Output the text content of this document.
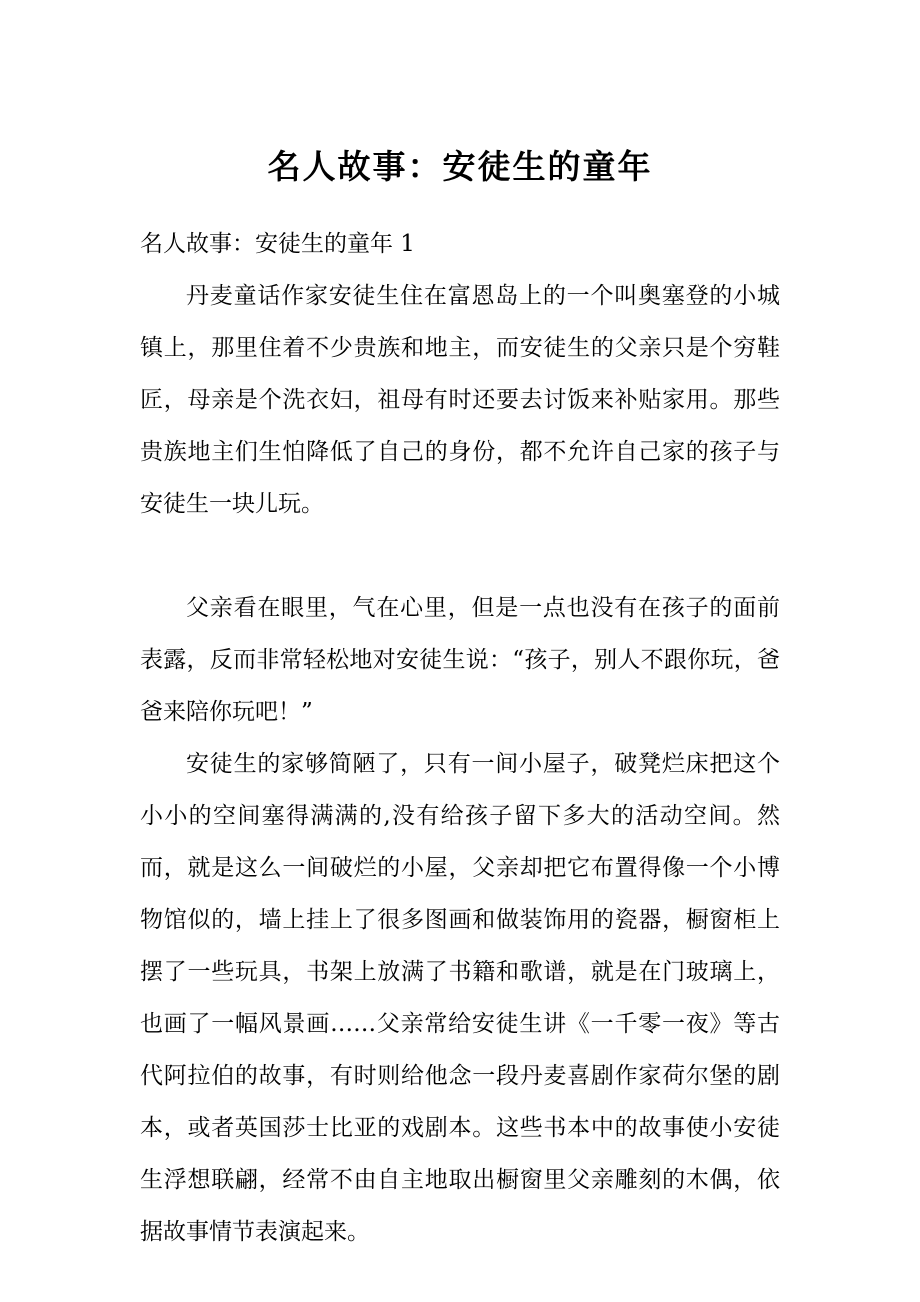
名人故事：安徒生的童年

名人故事：安徒生的童年 1

丹麦童话作家安徒生住在富恩岛上的一个叫奥塞登的小城镇上，那里住着不少贵族和地主，而安徒生的父亲只是个穷鞋匠，母亲是个洗衣妇，祖母有时还要去讨饭来补贴家用。那些贵族地主们生怕降低了自己的身份，都不允许自己家的孩子与安徒生一块儿玩。

父亲看在眼里，气在心里，但是一点也没有在孩子的面前表露，反而非常轻松地对安徒生说：“孩子，别人不跟你玩，爸爸来陪你玩吧！”

安徒生的家够简陋了，只有一间小屋子，破凳烂床把这个小小的空间塞得满满的,没有给孩子留下多大的活动空间。然而，就是这么一间破烂的小屋，父亲却把它布置得像一个小博物馆似的，墙上挂上了很多图画和做装饰用的瓷器，橱窗柜上摆了一些玩具，书架上放满了书籍和歌谱，就是在门玻璃上，也画了一幅风景画……父亲常给安徒生讲《一千零一夜》等古代阿拉伯的故事，有时则给他念一段丹麦喜剧作家荷尔堡的剧本，或者英国莎士比亚的戏剧本。这些书本中的故事使小安徒生浮想联翩，经常不由自主地取出橱窗里父亲雕刻的木偶，依据故事情节表演起来。
